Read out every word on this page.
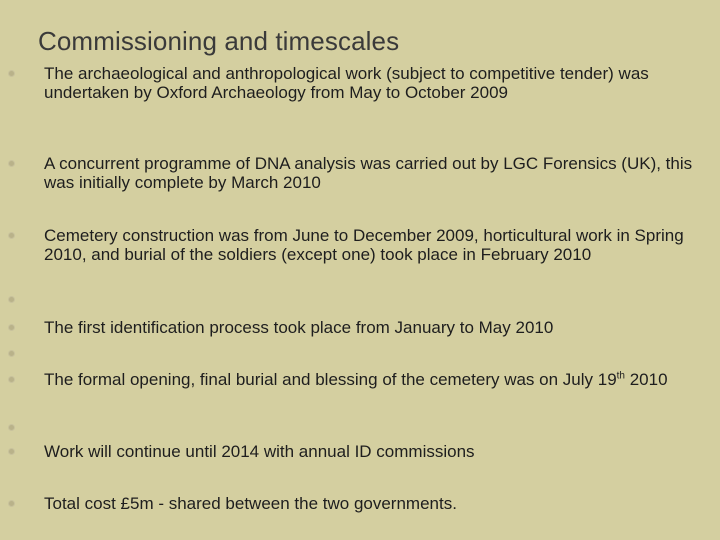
Commissioning and timescales
The archaeological and anthropological work (subject to competitive tender) was undertaken by Oxford Archaeology from May to October 2009
A concurrent programme of DNA analysis was carried out by LGC Forensics (UK), this was initially complete by March 2010
Cemetery construction was from June to December 2009, horticultural work in Spring 2010, and burial of the soldiers (except one) took place in February 2010
The first identification process took place from January to May 2010
The formal opening, final burial and blessing of the cemetery was on July 19th 2010
Work will continue until 2014 with annual ID commissions
Total cost £5m - shared between the two governments.
